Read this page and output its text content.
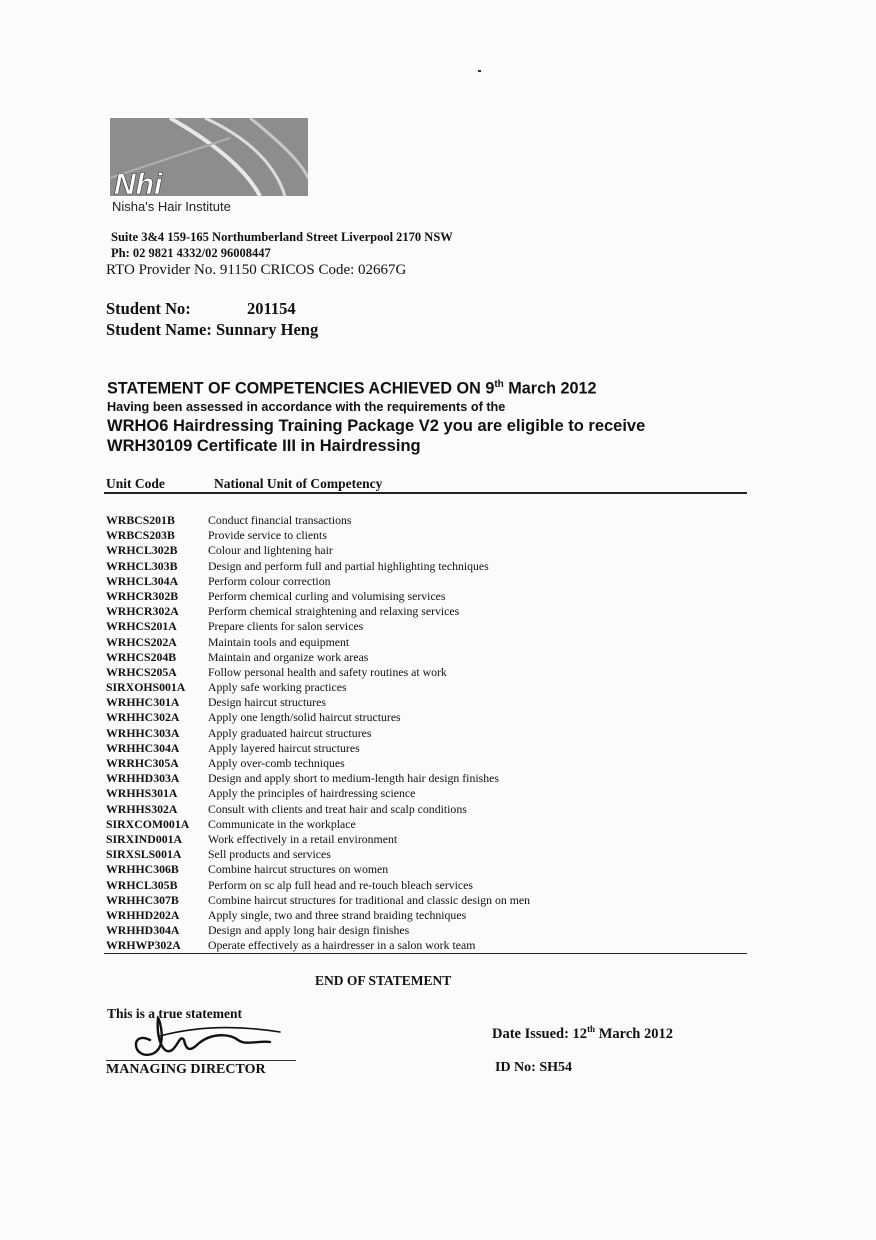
Nhi
Nisha's Hair Institute
Suite 3&4 159-165 Northumberland Street Liverpool 2170 NSW
Ph: 02 9821 4332/02 96008447
RTO Provider No. 91150 CRICOS Code: 02667G
Student No:	201154
Student Name: Sunnary Heng
STATEMENT OF COMPETENCIES ACHIEVED ON 9th March 2012
Having been assessed in accordance with the requirements of the
WRHO6 Hairdressing Training Package V2 you are eligible to receive
WRH30109 Certificate III in Hairdressing
Unit Code	National Unit of Competency
WRBCS201B	Conduct financial transactions
WRBCS203B	Provide service to clients
WRHCL302B	Colour and lightening hair
WRHCL303B	Design and perform full and partial highlighting techniques
WRHCL304A	Perform colour correction
WRHCR302B	Perform chemical curling and volumising services
WRHCR302A Perform chemical straightening and relaxing services
WRHCS201A	Prepare clients for salon services
WRHCS202A	Maintain tools and equipment
WRHCS204B	Maintain and organize work areas
WRHCS205A	Follow personal health and safety routines at work
SIRXOHS001A Apply safe working practices
WRHHC301A Design haircut structures
WRHHC302A Apply one length/solid haircut structures
WRHHC303A Apply graduated haircut structures
WRHHC304A Apply layered haircut structures
WRRHC305A Apply over-comb techniques
WRHHD303A Design and apply short to medium-length hair design finishes
WRHHS301A	Apply the principles of hairdressing science
WRHHS302A	Consult with clients and treat hair and scalp conditions
SIRXCOM001A Communicate in the workplace
SIRXIND001A Work effectively in a retail environment
SIRXSLS001A Sell products and services
WRHHC306B Combine haircut structures on women
WRHCL305B	Perform on sc alp full head and re-touch bleach services
WRHHC307B Combine haircut structures for traditional and classic design on men
WRHHD202A Apply single, two and three strand braiding techniques
WRHHD304A Design and apply long hair design finishes
WRHWP302A Operate effectively as a hairdresser in a salon work team
END OF STATEMENT
This is a true statement
MANAGING DIRECTOR
Date Issued: 12th March 2012
ID No: SH54
